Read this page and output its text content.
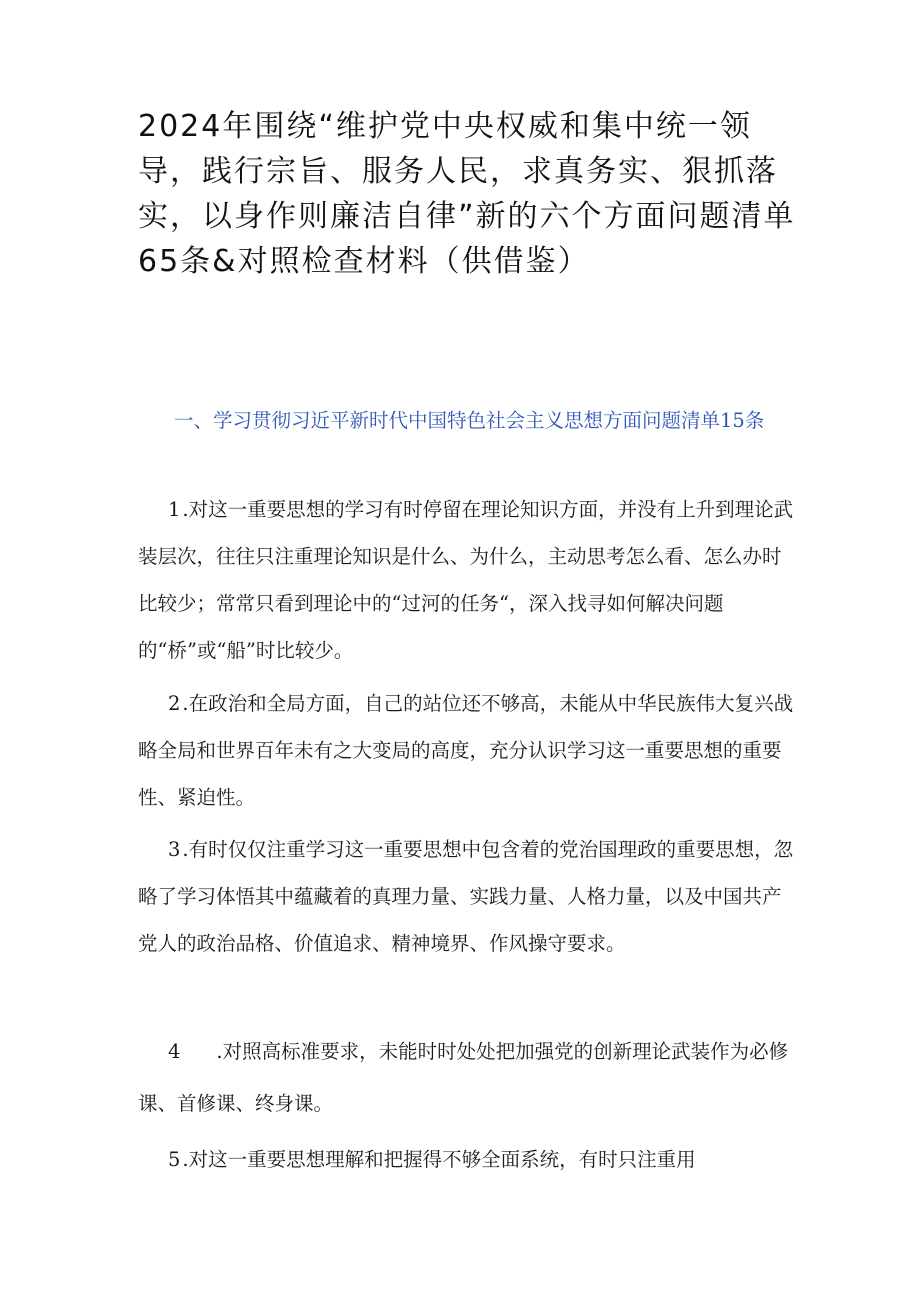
2024年围绕“维护党中央权威和集中统一领导，践行宗旨、服务人民，求真务实、狠抓落实，以身作则廉洁自律”新的六个方面问题清单65条&对照检查材料（供借鉴）
一、学习贯彻习近平新时代中国特色社会主义思想方面问题清单15条

1 .对这一重要思想的学习有时停留在理论知识方面，并没有上升到理论武装层次，往往只注重理论知识是什么、为什么，主动思考怎么看、怎么办时比较少；常常只看到理论中的“过河的任务“，深入找寻如何解决问题的“桥”或“船”时比较少。

2 .在政治和全局方面，自己的站位还不够高，未能从中华民族伟大复兴战略全局和世界百年未有之大变局的高度，充分认识学习这一重要思想的重要性、紧迫性。

3 .有时仅仅注重学习这一重要思想中包含着的党治国理政的重要思想，忽略了学习体悟其中蕴藏着的真理力量、实践力量、人格力量，以及中国共产党人的政治品格、价值追求、精神境界、作风操守要求。

4 .对照高标准要求，未能时时处处把加强党的创新理论武装作为必修课、首修课、终身课。

5 .对这一重要思想理解和把握得不够全面系统，有时只注重用
